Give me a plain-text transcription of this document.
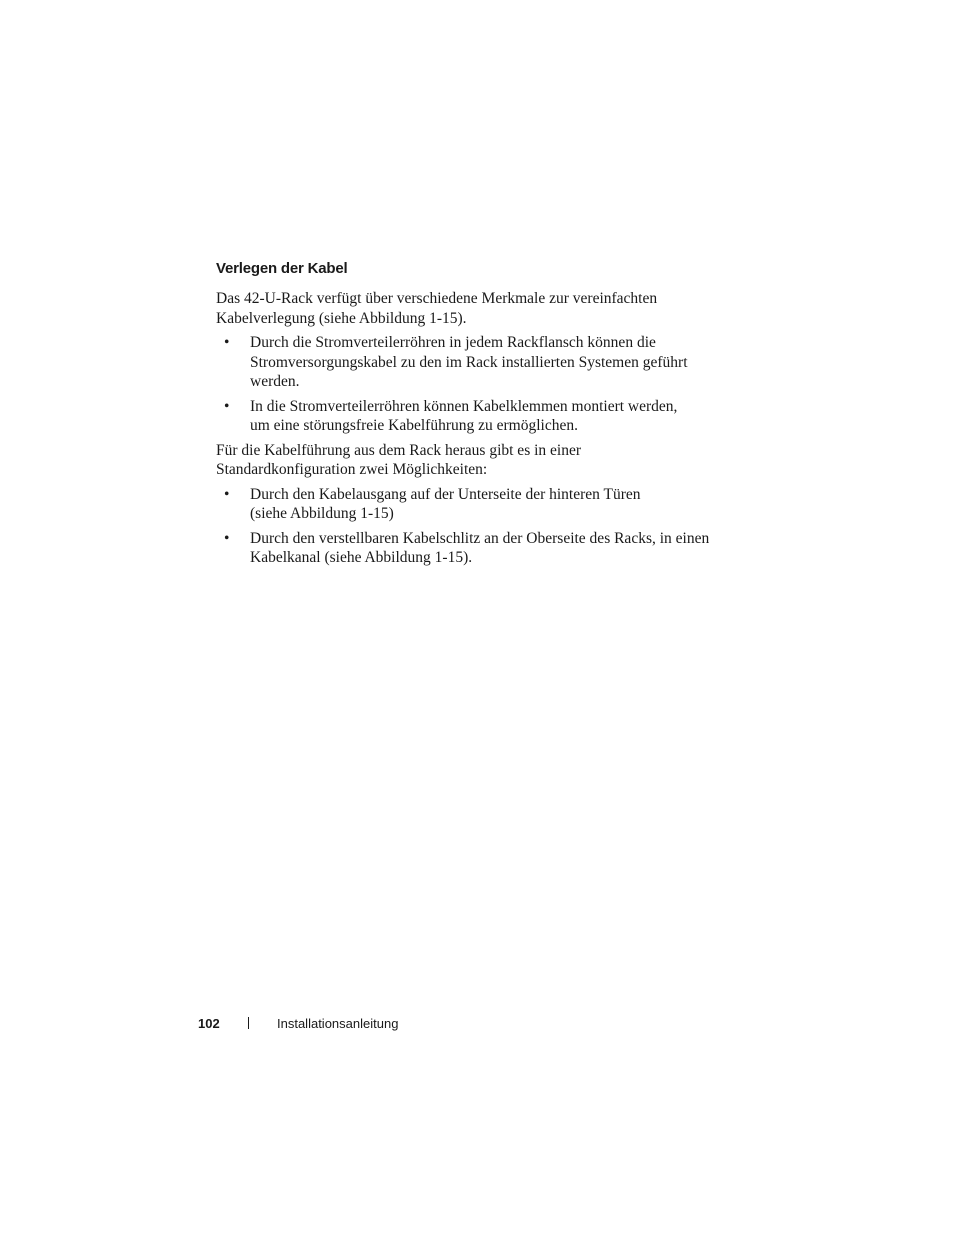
Verlegen der Kabel

Das 42-U-Rack verfügt über verschiedene Merkmale zur vereinfachten
Kabelverlegung (siehe Abbildung 1-15).

• Durch die Stromverteilerröhren in jedem Rackflansch können die
Stromversorgungskabel zu den im Rack installierten Systemen geführt
werden.
• In die Stromverteilerröhren können Kabelklemmen montiert werden,
um eine störungsfreie Kabelführung zu ermöglichen.

Für die Kabelführung aus dem Rack heraus gibt es in einer
Standardkonfiguration zwei Möglichkeiten:

• Durch den Kabelausgang auf der Unterseite der hinteren Türen
(siehe Abbildung 1-15)
• Durch den verstellbaren Kabelschlitz an der Oberseite des Racks, in einen
Kabelkanal (siehe Abbildung 1-15).
102	Installationsanleitung
